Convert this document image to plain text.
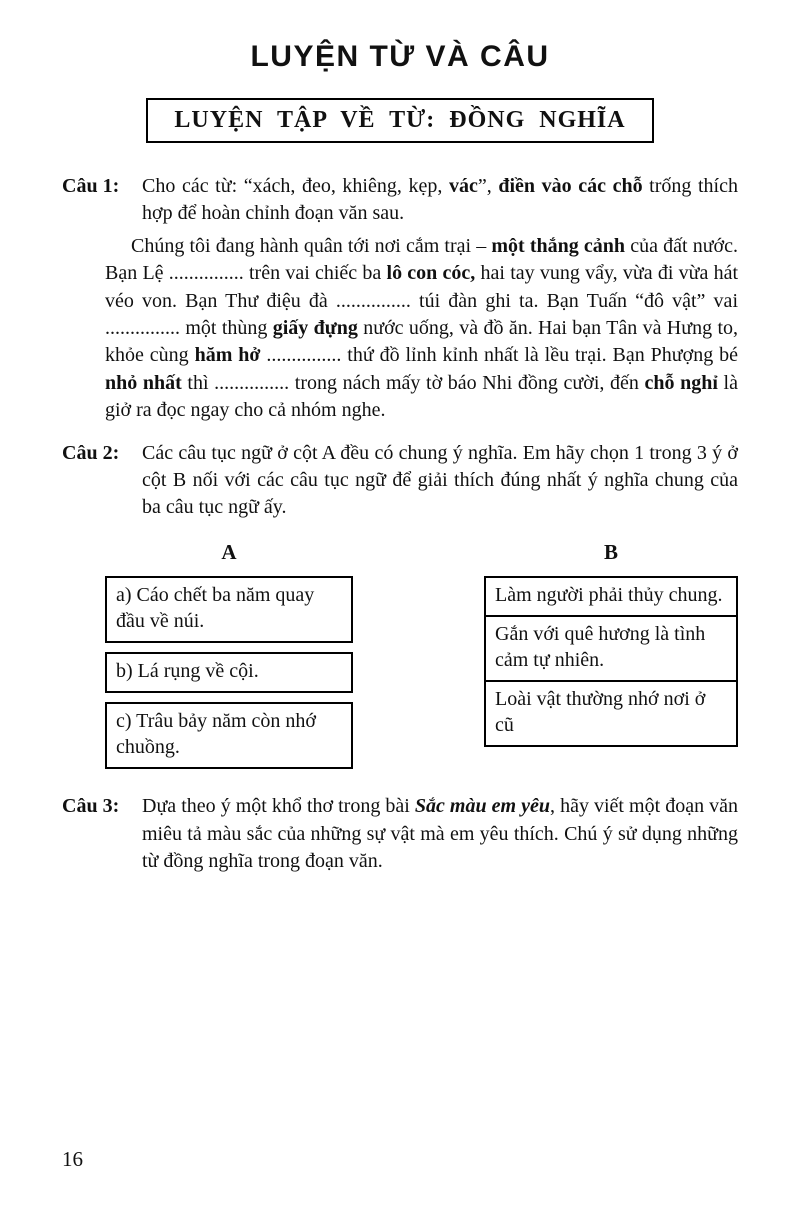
LUYỆN TỪ VÀ CÂU
LUYỆN TẬP VỀ TỪ: ĐỒNG NGHĨA
Câu 1:	Cho các từ: “xách, đeo, khiêng, kẹp, vác”, điền vào các chỗ trống thích hợp để hoàn chỉnh đoạn văn sau.

Chúng tôi đang hành quân tới nơi cắm trại – một thắng cảnh của đất nước. Bạn Lệ ............... trên vai chiếc ba lô con cóc, hai tay vung vẩy, vừa đi vừa hát véo von. Bạn Thư điệu đà ............... túi đàn ghi ta. Bạn Tuấn “đô vật” vai ............... một thùng giấy đựng nước uống, và đồ ăn. Hai bạn Tân và Hưng to, khỏe cùng hăm hở ............... thứ đồ lỉnh kỉnh nhất là lều trại. Bạn Phượng bé nhỏ nhất thì ............... trong nách mấy tờ báo Nhi đồng cười, đến chỗ nghỉ là giở ra đọc ngay cho cả nhóm nghe.

Câu 2:	Các câu tục ngữ ở cột A đều có chung ý nghĩa. Em hãy chọn 1 trong 3 ý ở cột B nối với các câu tục ngữ để giải thích đúng nhất ý nghĩa chung của ba câu tục ngữ ấy.

A
a) Cáo chết ba năm quay đầu về núi.
b) Lá rụng về cội.
c) Trâu bảy năm còn nhớ chuồng.
B
Làm người phải thủy chung.
Gắn với quê hương là tình cảm tự nhiên.
Loài vật thường nhớ nơi ở cũ
Câu 3:	Dựa theo ý một khổ thơ trong bài Sắc màu em yêu, hãy viết một đoạn văn miêu tả màu sắc của những sự vật mà em yêu thích. Chú ý sử dụng những từ đồng nghĩa trong đoạn văn.

16
